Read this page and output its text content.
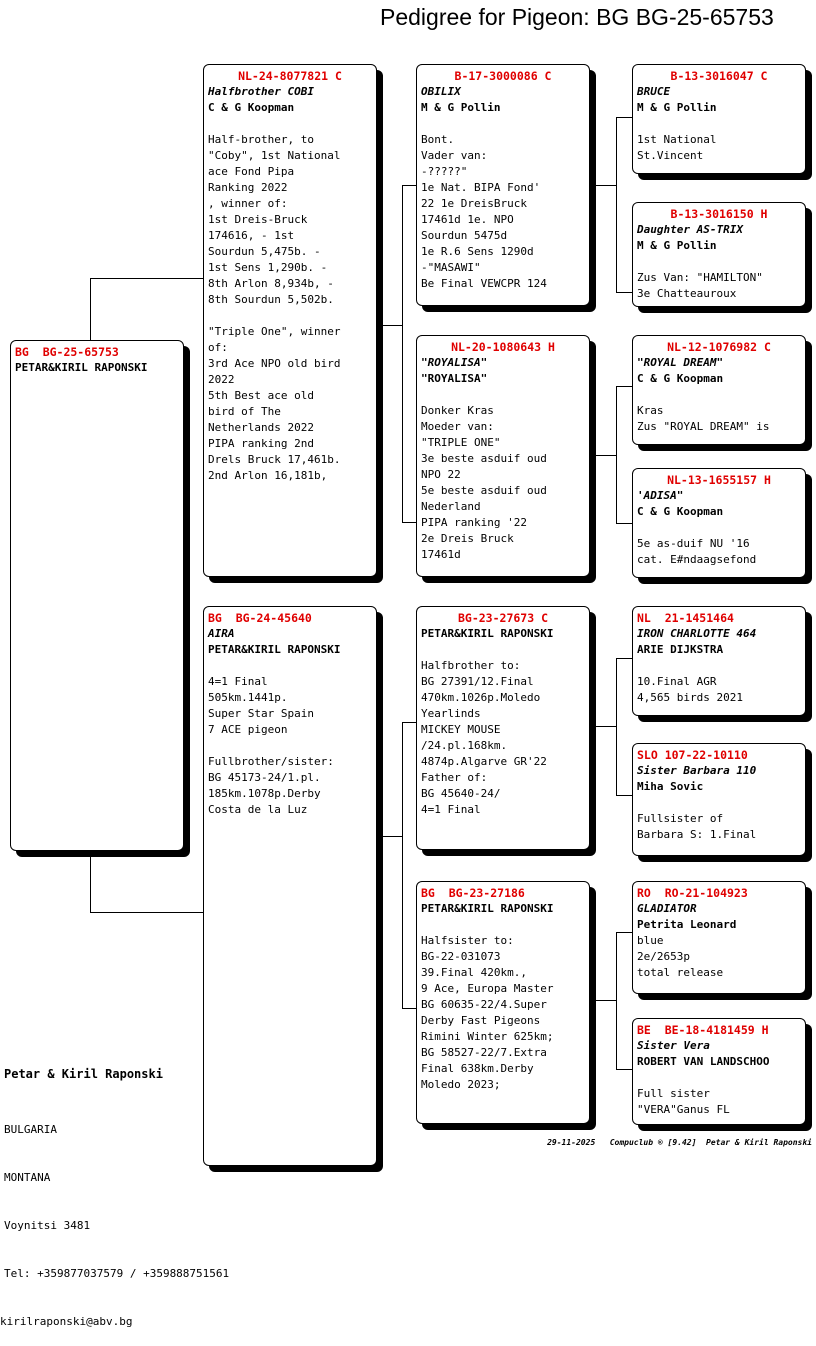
Pedigree for Pigeon: BG BG-25-65753
BG  BG-25-65753
PETAR&KIRIL RAPONSKI
NL-24-8077821 C
Halfbrother COBI
C & G Koopman
Half-brother, to
"Coby", 1st National
ace Fond Pipa
Ranking 2022
, winner of:
1st Dreis-Bruck
174616, - 1st
Sourdun 5,475b. -
1st Sens 1,290b. -
8th Arlon 8,934b, -
8th Sourdun 5,502b.

"Triple One", winner
of:
3rd Ace NPO old bird
2022
5th Best ace old
bird of The
Netherlands 2022
PIPA ranking 2nd
Drels Bruck 17,461b.
2nd Arlon 16,181b,
BG  BG-24-45640
AIRA
PETAR&KIRIL RAPONSKI
4=1 Final
505km.1441p.
Super Star Spain
7 ACE pigeon

Fullbrother/sister:
BG 45173-24/1.pl.
185km.1078p.Derby
Costa de la Luz
B-17-3000086 C
OBILIX
M & G Pollin
Bont.
Vader van:
-?????"
1e Nat. BIPA Fond'
22 1e DreisBruck
17461d 1e. NPO
Sourdun 5475d
1e R.6 Sens 1290d
-"MASAWI"
Be Final VEWCPR 124
NL-20-1080643 H
"ROYALISA"
"ROYALISA"
Donker Kras
Moeder van:
"TRIPLE ONE"
3e beste asduif oud
NPO 22
5e beste asduif oud
Nederland
PIPA ranking '22
2e Dreis Bruck
17461d
BG-23-27673 C
PETAR&KIRIL RAPONSKI
Halfbrother to:
BG 27391/12.Final
470km.1026p.Moledo
Yearlinds
MICKEY MOUSE
/24.pl.168km.
4874p.Algarve GR'22
Father of:
BG 45640-24/
4=1 Final
BG  BG-23-27186
PETAR&KIRIL RAPONSKI
Halfsister to:
BG-22-031073
39.Final 420km.,
9 Ace, Europa Master
BG 60635-22/4.Super
Derby Fast Pigeons
Rimini Winter 625km;
BG 58527-22/7.Extra
Final 638km.Derby
Moledo 2023;
B-13-3016047 C
BRUCE
M & G Pollin
1st National
St.Vincent
B-13-3016150 H
Daughter AS-TRIX
M & G Pollin
Zus Van: "HAMILTON"
3e Chatteauroux
NL-12-1076982 C
"ROYAL DREAM"
C & G Koopman
Kras
Zus "ROYAL DREAM" is
NL-13-1655157 H
'ADISA"
C & G Koopman
5e as-duif NU '16
cat. E#ndaagsefond
NL  21-1451464
IRON CHARLOTTE 464
ARIE DIJKSTRA
10.Final AGR
4,565 birds 2021
SLO 107-22-10110
Sister Barbara 110
Miha Sovic
Fullsister of
Barbara S: 1.Final
RO  RO-21-104923
GLADIATOR
Petrita Leonard
blue
2e/2653p
total release
BE  BE-18-4181459 H
Sister Vera
ROBERT VAN LANDSCHOO
Full sister
"VERA"Ganus FL

Petar & Kiril Raponski

BULGARIA

MONTANA

Voynitsi 3481

Tel: +359877037579 / +359888751561

kirilraponski@abv.bg

29-11-2025   Compuclub ® [9.42]  Petar & Kiril Raponski
